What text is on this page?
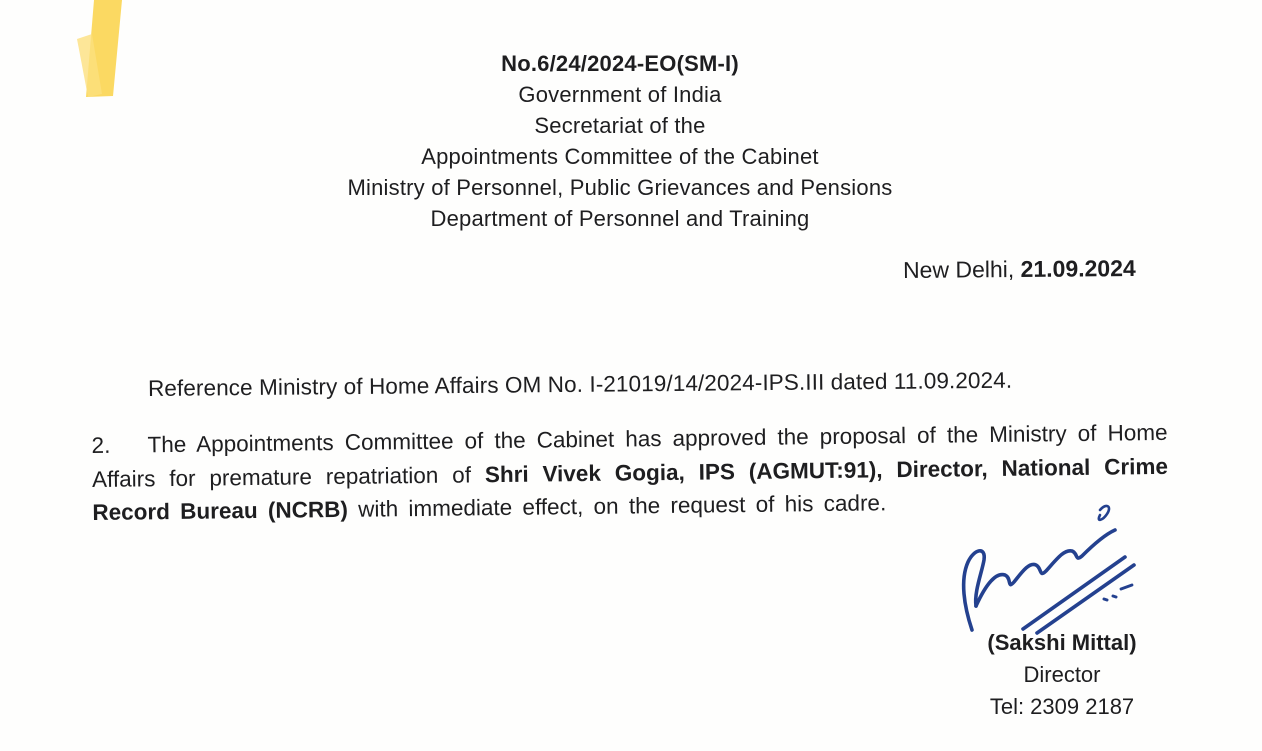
No.6/24/2024-EO(SM-I)
Government of India
Secretariat of the
Appointments Committee of the Cabinet
Ministry of Personnel, Public Grievances and Pensions
Department of Personnel and Training
New Delhi, 21.09.2024
Reference Ministry of Home Affairs OM No. I-21019/14/2024-IPS.III dated 11.09.2024.
2. The Appointments Committee of the Cabinet has approved the proposal of the Ministry of Home Affairs for premature repatriation of Shri Vivek Gogia, IPS (AGMUT:91), Director, National Crime Record Bureau (NCRB) with immediate effect, on the request of his cadre.
(Sakshi Mittal)
Director
Tel: 2309 2187
